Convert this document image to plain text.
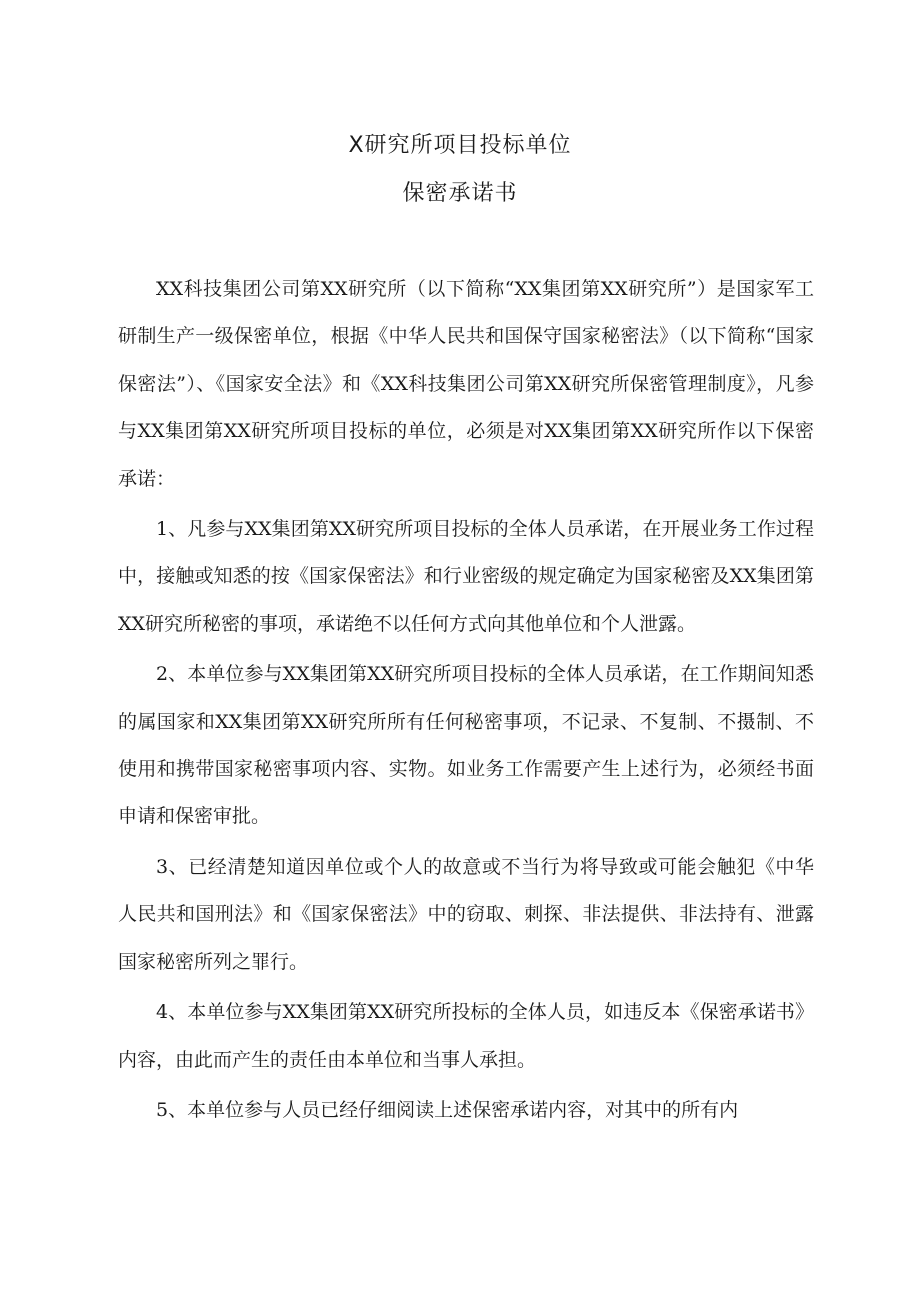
X研究所项目投标单位
保密承诺书

XX科技集团公司第XX研究所（以下简称“XX集团第XX研究所”）是国家军工研制生产一级保密单位，根据《中华人民共和国保守国家秘密法》（以下简称“国家保密法”）、《国家安全法》和《XX科技集团公司第XX研究所保密管理制度》，凡参与XX集团第XX研究所项目投标的单位，必须是对XX集团第XX研究所作以下保密承诺：

1、凡参与XX集团第XX研究所项目投标的全体人员承诺，在开展业务工作过程中，接触或知悉的按《国家保密法》和行业密级的规定确定为国家秘密及XX集团第XX研究所秘密的事项，承诺绝不以任何方式向其他单位和个人泄露。

2、本单位参与XX集团第XX研究所项目投标的全体人员承诺，在工作期间知悉的属国家和XX集团第XX研究所所有任何秘密事项，不记录、不复制、不摄制、不使用和携带国家秘密事项内容、实物。如业务工作需要产生上述行为，必须经书面申请和保密审批。

3、已经清楚知道因单位或个人的故意或不当行为将导致或可能会触犯《中华人民共和国刑法》和《国家保密法》中的窃取、刺探、非法提供、非法持有、泄露国家秘密所列之罪行。

4、本单位参与XX集团第XX研究所投标的全体人员，如违反本《保密承诺书》内容，由此而产生的责任由本单位和当事人承担。

5、本单位参与人员已经仔细阅读上述保密承诺内容，对其中的所有内
